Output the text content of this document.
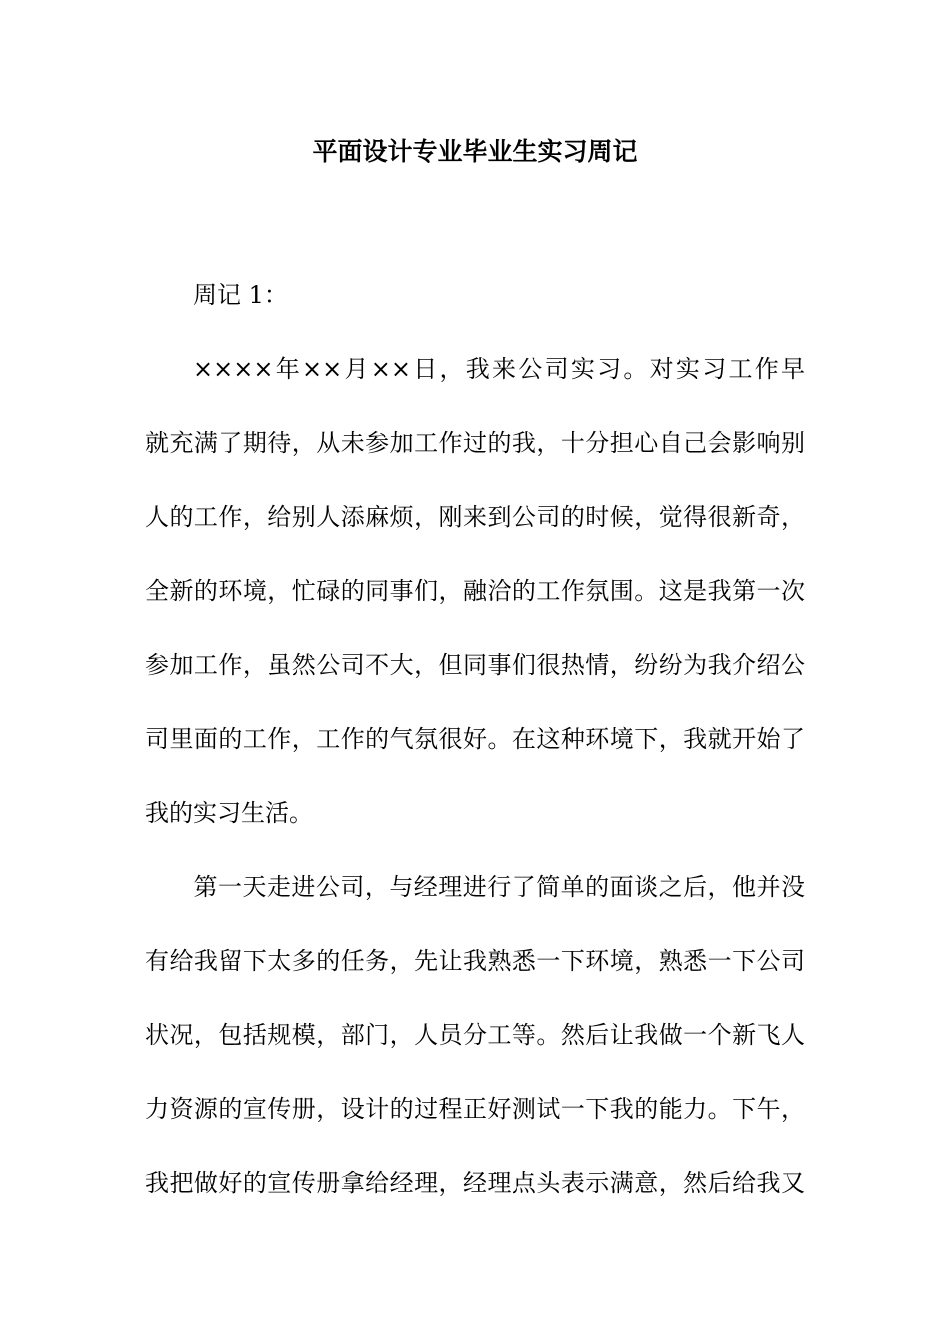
平面设计专业毕业生实习周记

周记 1：

××××年××月××日，我来公司实习。对实习工作早
就充满了期待，从未参加工作过的我，十分担心自己会影响别
人的工作，给别人添麻烦，刚来到公司的时候，觉得很新奇，
全新的环境，忙碌的同事们，融洽的工作氛围。这是我第一次
参加工作，虽然公司不大，但同事们很热情，纷纷为我介绍公
司里面的工作，工作的气氛很好。在这种环境下，我就开始了
我的实习生活。

第一天走进公司，与经理进行了简单的面谈之后，他并没
有给我留下太多的任务，先让我熟悉一下环境，熟悉一下公司
状况，包括规模，部门，人员分工等。然后让我做一个新飞人
力资源的宣传册，设计的过程正好测试一下我的能力。下午，
我把做好的宣传册拿给经理，经理点头表示满意，然后给我又
